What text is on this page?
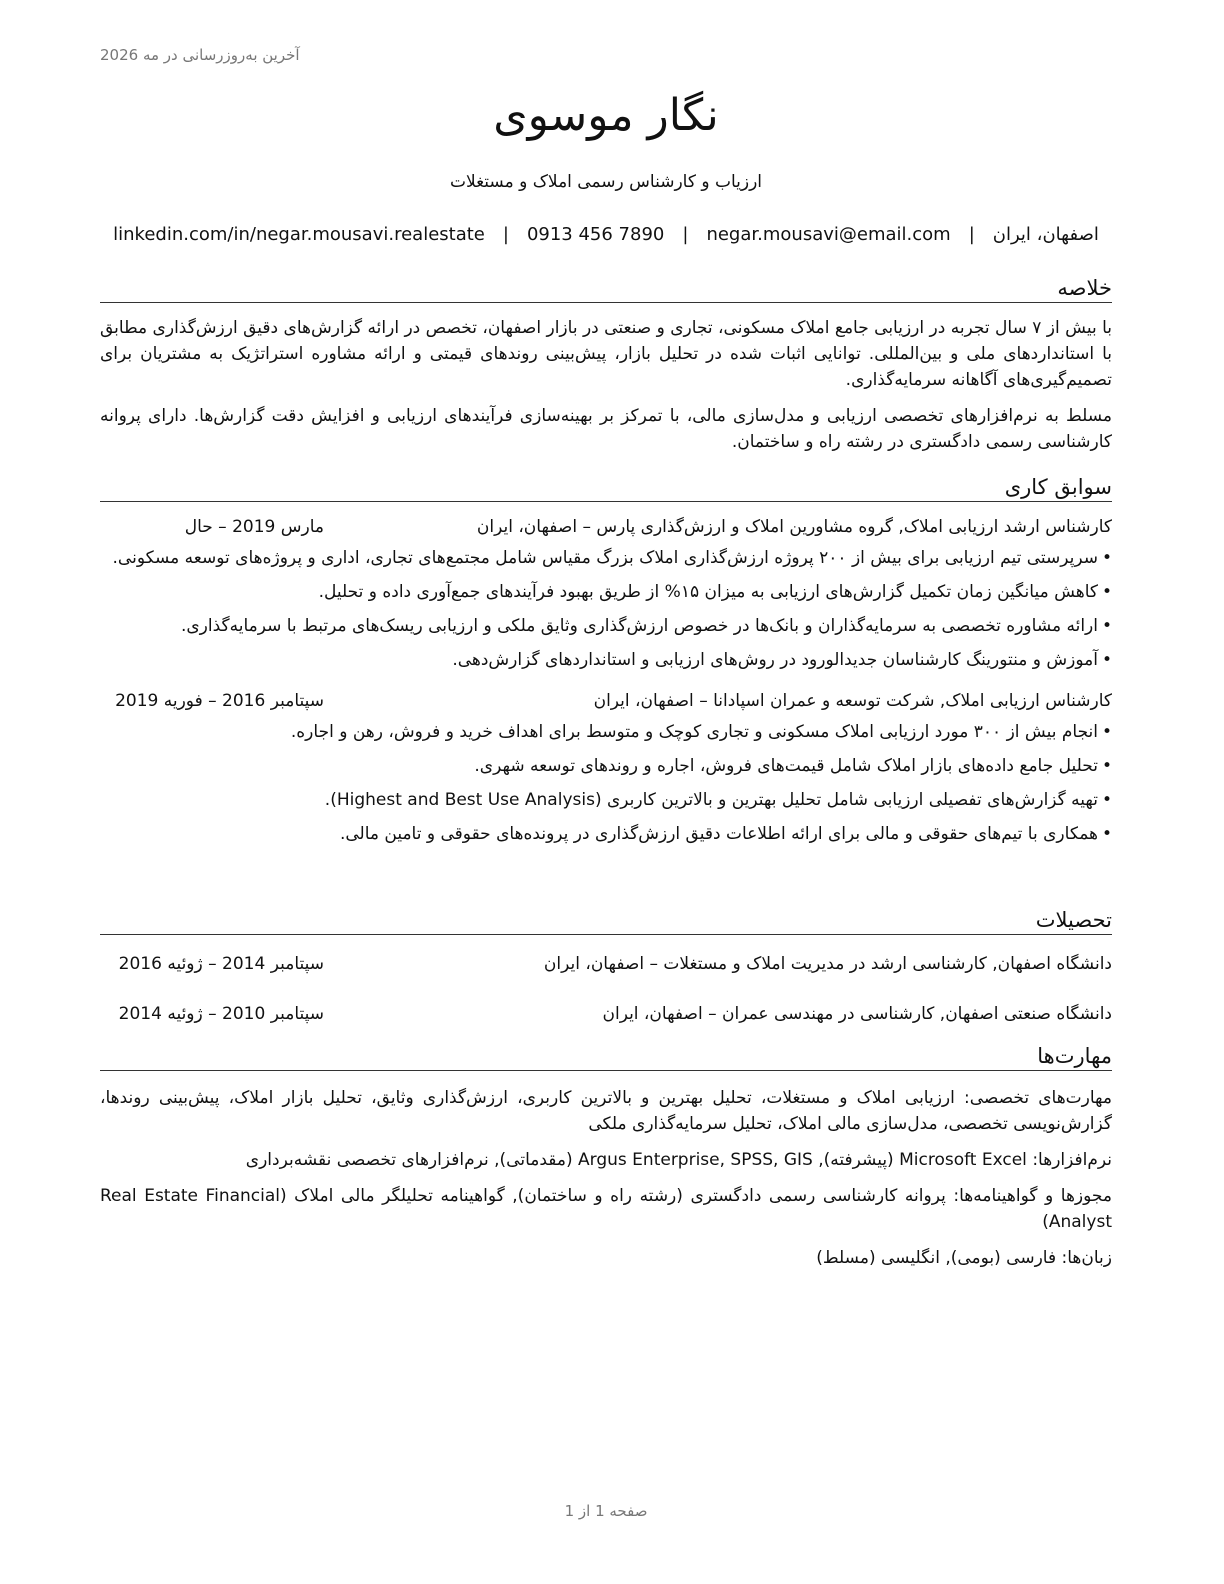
آخرین به‌روزرسانی در مه 2026
نگار موسوی
ارزیاب و کارشناس رسمی املاک و مستغلات
اصفهان، ایران
|
negar.mousavi@email.com
|
0913 456 7890
|
linkedin.com/in/negar.mousavi.realestate
خلاصه

با بیش از ۷ سال تجربه در ارزیابی جامع املاک مسکونی، تجاری و صنعتی در بازار اصفهان، تخصص در ارائه گزارش‌های دقیق ارزش‌گذاری مطابق با استانداردهای ملی و بین‌المللی. توانایی اثبات شده در تحلیل بازار، پیش‌بینی روندهای قیمتی و ارائه مشاوره استراتژیک به مشتریان برای تصمیم‌گیری‌های آگاهانه سرمایه‌گذاری.

مسلط به نرم‌افزارهای تخصصی ارزیابی و مدل‌سازی مالی، با تمرکز بر بهینه‌سازی فرآیندهای ارزیابی و افزایش دقت گزارش‌ها. دارای پروانه کارشناسی رسمی دادگستری در رشته راه و ساختمان.

سوابق کاری
کارشناس ارشد ارزیابی املاک, گروه مشاورین املاک و ارزش‌گذاری پارس – اصفهان، ایران
مارس 2019 – حال
• سرپرستی تیم ارزیابی برای بیش از ۲۰۰ پروژه ارزش‌گذاری املاک بزرگ مقیاس شامل مجتمع‌های تجاری، اداری و پروژه‌های توسعه مسکونی.
• کاهش میانگین زمان تکمیل گزارش‌های ارزیابی به میزان ۱۵% از طریق بهبود فرآیندهای جمع‌آوری داده و تحلیل.
• ارائه مشاوره تخصصی به سرمایه‌گذاران و بانک‌ها در خصوص ارزش‌گذاری وثایق ملکی و ارزیابی ریسک‌های مرتبط با سرمایه‌گذاری.
• آموزش و منتورینگ کارشناسان جدیدالورود در روش‌های ارزیابی و استانداردهای گزارش‌دهی.
کارشناس ارزیابی املاک, شرکت توسعه و عمران اسپادانا – اصفهان، ایران
سپتامبر 2016 – فوریه 2019
• انجام بیش از ۳۰۰ مورد ارزیابی املاک مسکونی و تجاری کوچک و متوسط برای اهداف خرید و فروش، رهن و اجاره.
• تحلیل جامع داده‌های بازار املاک شامل قیمت‌های فروش، اجاره و روندهای توسعه شهری.
• تهیه گزارش‌های تفصیلی ارزیابی شامل تحلیل بهترین و بالاترین کاربری (Highest and Best Use Analysis).
• همکاری با تیم‌های حقوقی و مالی برای ارائه اطلاعات دقیق ارزش‌گذاری در پرونده‌های حقوقی و تامین مالی.
تحصیلات
دانشگاه اصفهان, کارشناسی ارشد در مدیریت املاک و مستغلات – اصفهان، ایران
سپتامبر 2014 – ژوئیه 2016
دانشگاه صنعتی اصفهان, کارشناسی در مهندسی عمران – اصفهان، ایران
سپتامبر 2010 – ژوئیه 2014
مهارت‌ها

مهارت‌های تخصصی: ارزیابی املاک و مستغلات، تحلیل بهترین و بالاترین کاربری، ارزش‌گذاری وثایق، تحلیل بازار املاک، پیش‌بینی روندها، گزارش‌نویسی تخصصی، مدل‌سازی مالی املاک، تحلیل سرمایه‌گذاری ملکی

نرم‌افزارها: Microsoft Excel (پیشرفته), Argus Enterprise, SPSS, GIS (مقدماتی), نرم‌افزارهای تخصصی نقشه‌برداری

مجوزها و گواهینامه‌ها: پروانه کارشناسی رسمی دادگستری (رشته راه و ساختمان), گواهینامه تحلیلگر مالی املاک (Real Estate Financial Analyst)

زبان‌ها: فارسی (بومی), انگلیسی (مسلط)

صفحه 1 از 1
